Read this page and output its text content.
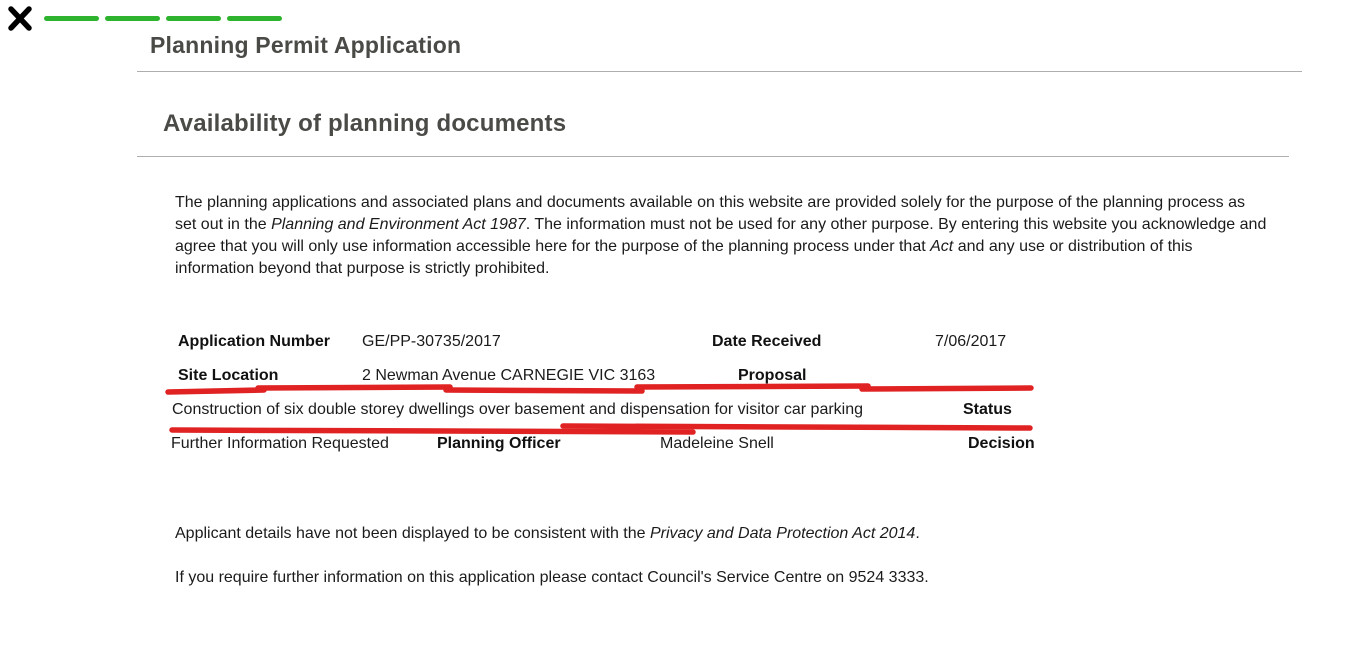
Planning Permit Application
Availability of planning documents

The planning applications and associated plans and documents available on this website are provided solely for the purpose of the planning process as set out in the Planning and Environment Act 1987. The information must not be used for any other purpose. By entering this website you acknowledge and agree that you will only use information accessible here for the purpose of the planning process under that Act and any use or distribution of this information beyond that purpose is strictly prohibited.

Application Number GE/PP-30735/2017	Date Received	7/06/2017
Site Location	2 Newman Avenue CARNEGIE VIC 3163	Proposal
Construction of six double storey dwellings over basement and dispensation for visitor car parking	Status
Further Information Requested	Planning Officer	Madeleine Snell	Decision

Applicant details have not been displayed to be consistent with the Privacy and Data Protection Act 2014.

If you require further information on this application please contact Council's Service Centre on 9524 3333.
